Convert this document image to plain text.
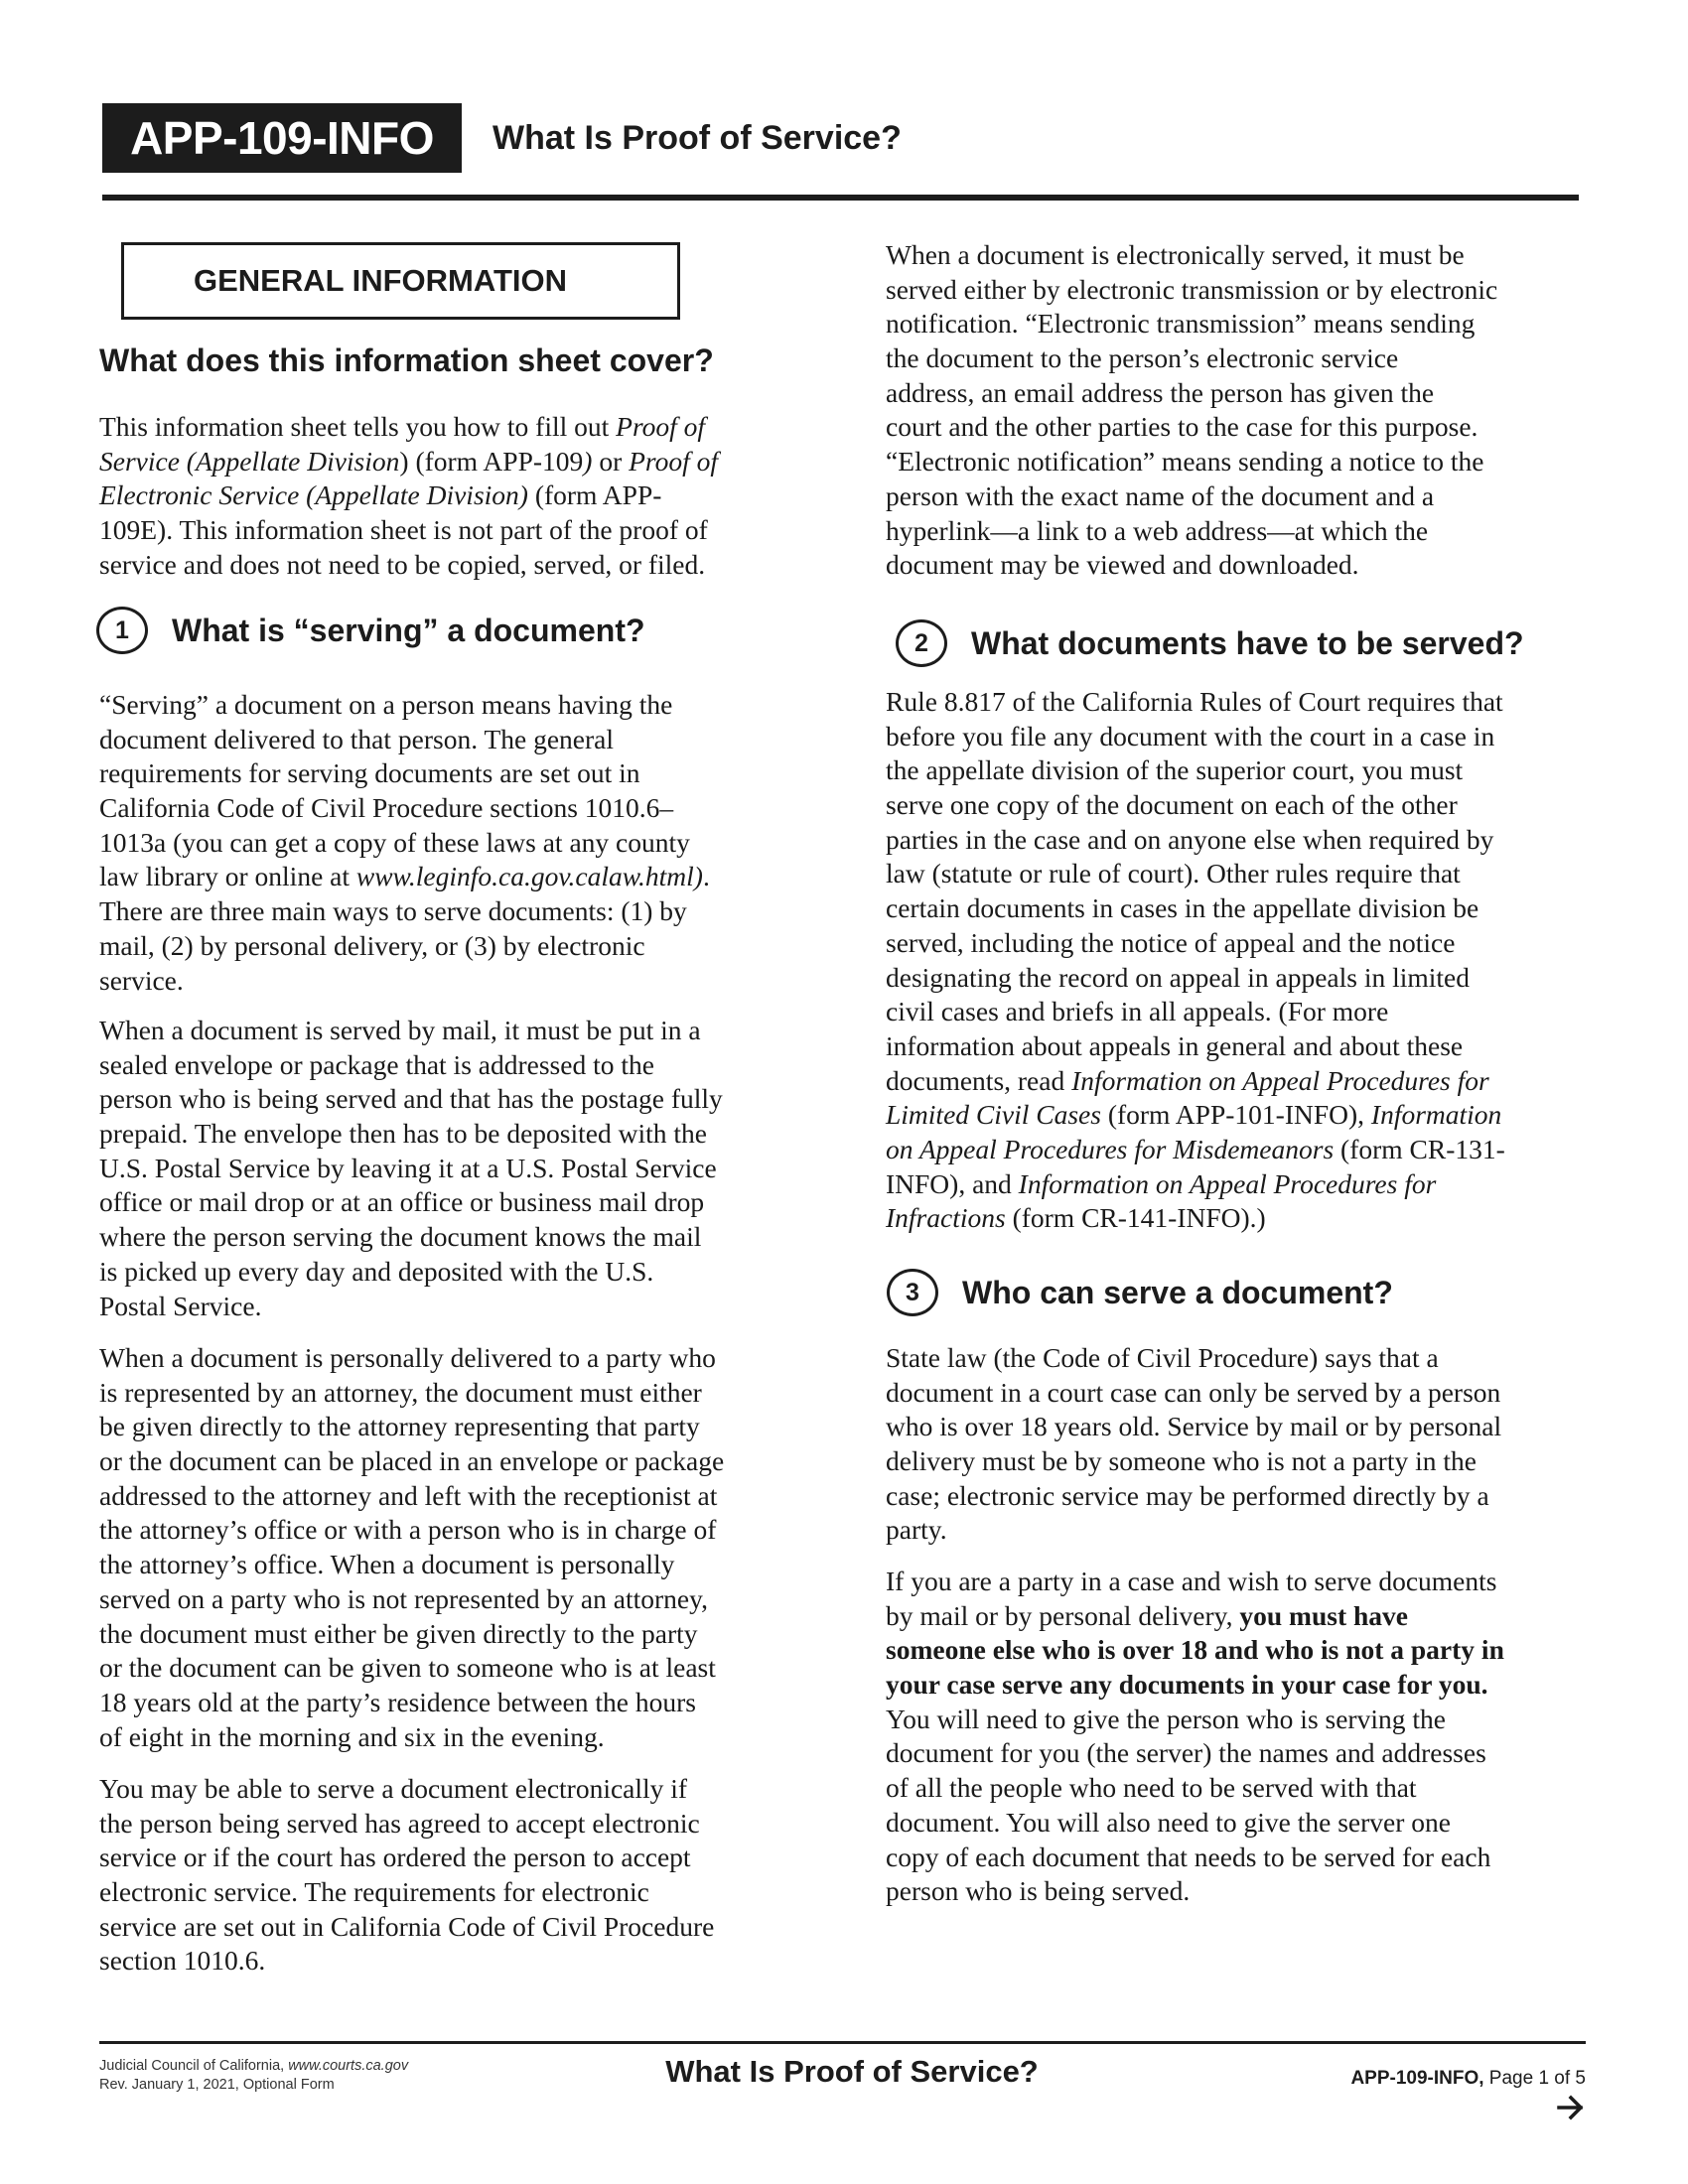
APP-109-INFO	What Is Proof of Service?
GENERAL INFORMATION
What does this information sheet cover?
This information sheet tells you how to fill out Proof of
Service (Appellate Division) (form APP-109) or Proof of
Electronic Service (Appellate Division) (form APP-
109E). This information sheet is not part of the proof of
service and does not need to be copied, served, or filed.
1	What is “serving” a document?
“Serving” a document on a person means having the
document delivered to that person. The general
requirements for serving documents are set out in
California Code of Civil Procedure sections 1010.6–
1013a (you can get a copy of these laws at any county
law library or online at www.leginfo.ca.gov.calaw.html).
There are three main ways to serve documents: (1) by
mail, (2) by personal delivery, or (3) by electronic
service.
When a document is served by mail, it must be put in a
sealed envelope or package that is addressed to the
person who is being served and that has the postage fully
prepaid. The envelope then has to be deposited with the
U.S. Postal Service by leaving it at a U.S. Postal Service
office or mail drop or at an office or business mail drop
where the person serving the document knows the mail
is picked up every day and deposited with the U.S.
Postal Service.
When a document is personally delivered to a party who
is represented by an attorney, the document must either
be given directly to the attorney representing that party
or the document can be placed in an envelope or package
addressed to the attorney and left with the receptionist at
the attorney’s office or with a person who is in charge of
the attorney’s office. When a document is personally
served on a party who is not represented by an attorney,
the document must either be given directly to the party
or the document can be given to someone who is at least
18 years old at the party’s residence between the hours
of eight in the morning and six in the evening.
You may be able to serve a document electronically if
the person being served has agreed to accept electronic
service or if the court has ordered the person to accept
electronic service. The requirements for electronic
service are set out in California Code of Civil Procedure
section 1010.6.
When a document is electronically served, it must be
served either by electronic transmission or by electronic
notification. “Electronic transmission” means sending
the document to the person’s electronic service
address, an email address the person has given the
court and the other parties to the case for this purpose.
“Electronic notification” means sending a notice to the
person with the exact name of the document and a
hyperlink—a link to a web address—at which the
document may be viewed and downloaded.
2	What documents have to be served?
Rule 8.817 of the California Rules of Court requires that
before you file any document with the court in a case in
the appellate division of the superior court, you must
serve one copy of the document on each of the other
parties in the case and on anyone else when required by
law (statute or rule of court). Other rules require that
certain documents in cases in the appellate division be
served, including the notice of appeal and the notice
designating the record on appeal in appeals in limited
civil cases and briefs in all appeals. (For more
information about appeals in general and about these
documents, read Information on Appeal Procedures for
Limited Civil Cases (form APP-101-INFO), Information
on Appeal Procedures for Misdemeanors (form CR-131-
INFO), and Information on Appeal Procedures for
Infractions (form CR-141-INFO).)
3	Who can serve a document?
State law (the Code of Civil Procedure) says that a
document in a court case can only be served by a person
who is over 18 years old. Service by mail or by personal
delivery must be by someone who is not a party in the
case; electronic service may be performed directly by a
party.
If you are a party in a case and wish to serve documents
by mail or by personal delivery, you must have
someone else who is over 18 and who is not a party in
your case serve any documents in your case for you.
You will need to give the person who is serving the
document for you (the server) the names and addresses
of all the people who need to be served with that
document. You will also need to give the server one
copy of each document that needs to be served for each
person who is being served.
Judicial Council of California, www.courts.ca.gov
Rev. January 1, 2021, Optional Form	What Is Proof of Service?	APP-109-INFO, Page 1 of 5
